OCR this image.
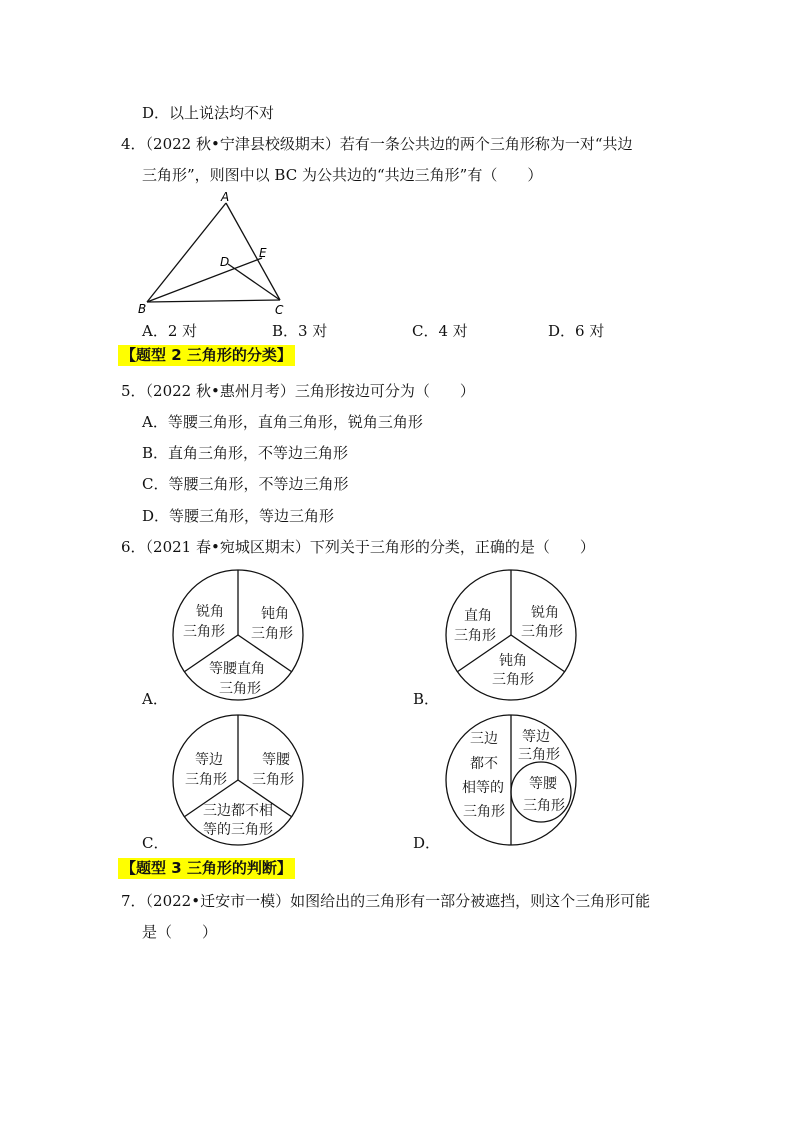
D．以上说法均不对
4．（2022 秋•宁津县校级期末）若有一条公共边的两个三角形称为一对“共边
三角形”，则图中以 BC 为公共边的“共边三角形”有（　　）
A
B	C
D
E
A．2 对	B．3 对	C．4 对	D．6 对
【题型 2 三角形的分类】
5．（2022 秋•惠州月考）三角形按边可分为（　　）
A．等腰三角形，直角三角形，锐角三角形
B．直角三角形，不等边三角形
C．等腰三角形，不等边三角形
D．等腰三角形，等边三角形
6．（2021 春•宛城区期末）下列关于三角形的分类，正确的是（　　）
锐角
三角形
钝角
三角形
等腰直角
三角形
A．
直角
三角形
锐角
三角形
钝角
三角形
B．
等边
三角形
等腰
三角形
三边都不相
等的三角形
C．
三边
都不
相等的
三角形
等边
三角形
等腰
三角形
D．
【题型 3 三角形的判断】
7．（2022•迁安市一模）如图给出的三角形有一部分被遮挡，则这个三角形可能
是（　　）
